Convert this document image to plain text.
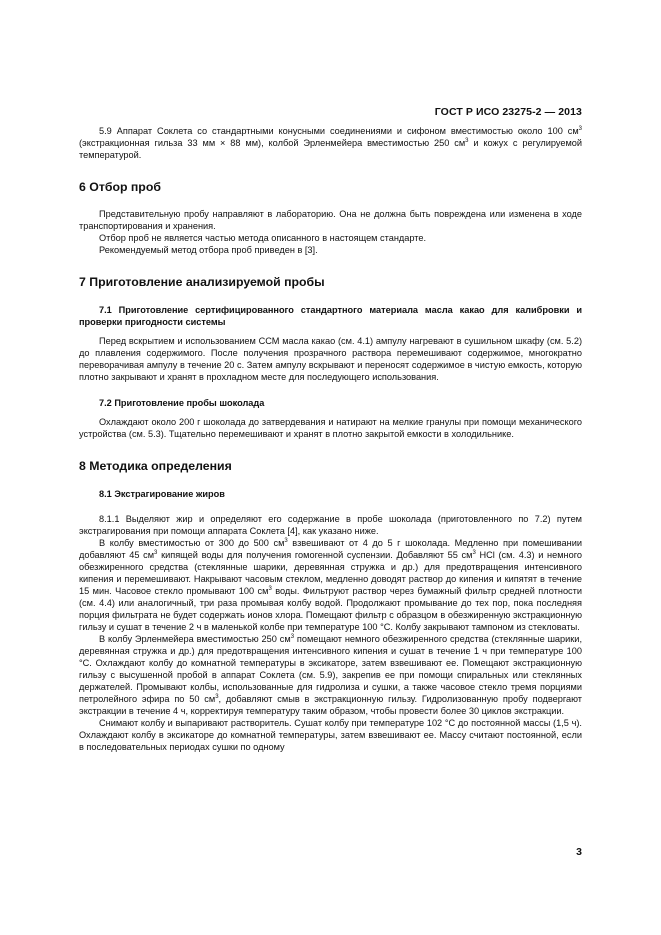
ГОСТ Р ИСО 23275-2 — 2013

5.9 Аппарат Соклета со стандартными конусными соединениями и сифоном вместимостью около 100 $см^3$ (экстракционная гильза 33 мм × 88 мм), колбой Эрленмейера вместимостью 250 $см^3$ и кожух с регулируемой температурой.

6 Отбор проб

Представительную пробу направляют в лабораторию. Она не должна быть повреждена или изменена в ходе транспортирования и хранения.

Отбор проб не является частью метода описанного в настоящем стандарте.

Рекомендуемый метод отбора проб приведен в [3].

7 Приготовление анализируемой пробы

7.1 Приготовление сертифицированного стандартного материала масла какао для калибровки и проверки пригодности системы

Перед вскрытием и использованием ССМ масла какао (см. 4.1) ампулу нагревают в сушильном шкафу (см. 5.2) до плавления содержимого. После получения прозрачного раствора перемешивают содержимое, многократно переворачивая ампулу в течение 20 с. Затем ампулу вскрывают и переносят содержимое в чистую емкость, которую плотно закрывают и хранят в прохладном месте для последующего использования.

7.2 Приготовление пробы шоколада

Охлаждают около 200 г шоколада до затвердевания и натирают на мелкие гранулы при помощи механического устройства (см. 5.3). Тщательно перемешивают и хранят в плотно закрытой емкости в холодильнике.

8 Методика определения

8.1 Экстрагирование жиров

8.1.1 Выделяют жир и определяют его содержание в пробе шоколада (приготовленного по 7.2) путем экстрагирования при помощи аппарата Соклета [4], как указано ниже.

В колбу вместимостью от 300 до 500 $см^3$ взвешивают от 4 до 5 г шоколада. Медленно при помешивании добавляют 45 $см^3$ кипящей воды для получения гомогенной суспензии. Добавляют 55 $см^3$ HCl (см. 4.3) и немного обезжиренного средства (стеклянные шарики, деревянная стружка и др.) для предотвращения интенсивного кипения и перемешивают. Накрывают часовым стеклом, медленно доводят раствор до кипения и кипятят в течение 15 мин. Часовое стекло промывают 100 $см^3$ воды. Фильтруют раствор через бумажный фильтр средней плотности (см. 4.4) или аналогичный, три раза промывая колбу водой. Продолжают промывание до тех пор, пока последняя порция фильтрата не будет содержать ионов хлора. Помещают фильтр с образцом в обезжиренную экстракционную гильзу и сушат в течение 2 ч в маленькой колбе при температуре 100 °С. Колбу закрывают тампоном из стекловаты.

В колбу Эрленмейера вместимостью 250 $см^3$ помещают немного обезжиренного средства (стеклянные шарики, деревянная стружка и др.) для предотвращения интенсивного кипения и сушат в течение 1 ч при температуре 100 °С. Охлаждают колбу до комнатной температуры в эксикаторе, затем взвешивают ее. Помещают экстракционную гильзу с высушенной пробой в аппарат Соклета (см. 5.9), закрепив ее при помощи спиральных или стеклянных держателей. Промывают колбы, использованные для гидролиза и сушки, а также часовое стекло тремя порциями петролейного эфира по 50 $см^3$, добавляют смыв в экстракционную гильзу. Гидролизованную пробу подвергают экстракции в течение 4 ч, корректируя температуру таким образом, чтобы провести более 30 циклов экстракции.

Снимают колбу и выпаривают растворитель. Сушат колбу при температуре 102 °С до постоянной массы (1,5 ч). Охлаждают колбу в эксикаторе до комнатной температуры, затем взвешивают ее. Массу считают постоянной, если в последовательных периодах сушки по одному

3
